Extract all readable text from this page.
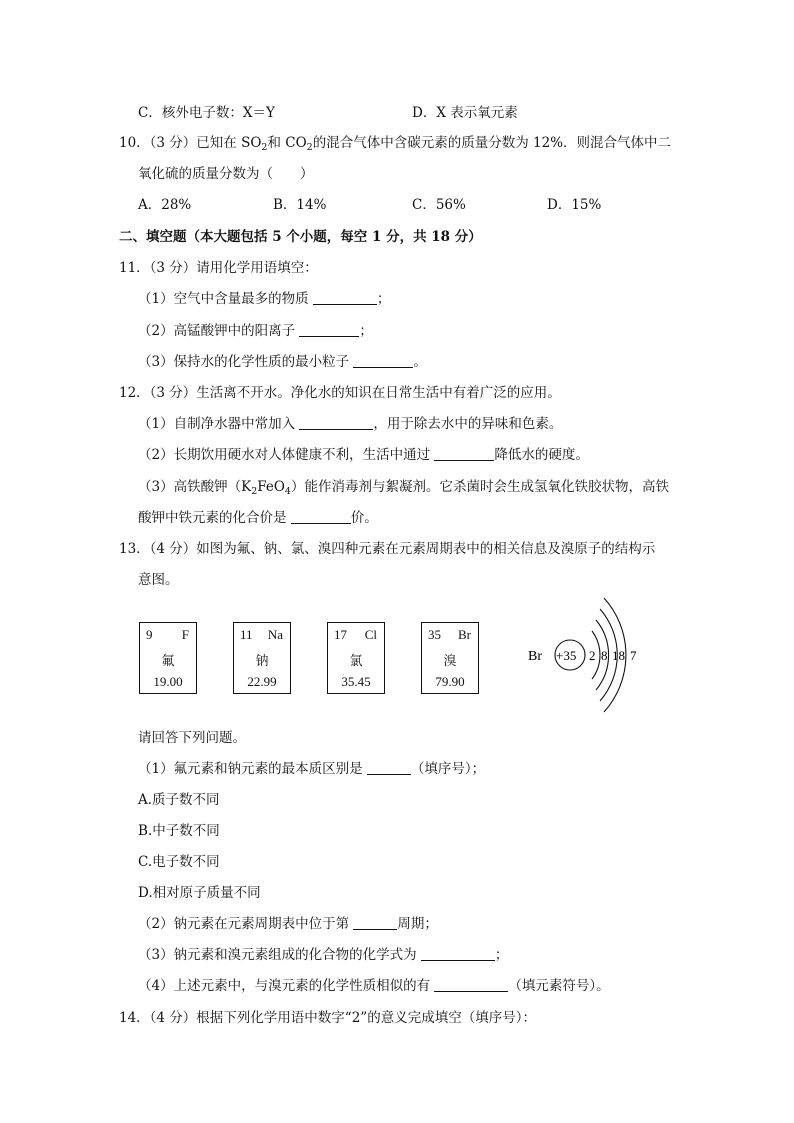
C．核外电子数：X＝Y	D．X 表示氧元素
10．（3 分）已知在 $SO_2$和 $CO_2$的混合气体中含碳元素的质量分数为 12%．则混合气体中二
氧化硫的质量分数为（　　）
A．28%	B．14%	C．56%	D．15%
二、填空题（本大题包括 5 个小题，每空 1 分，共 18 分）
11．（3 分）请用化学用语填空：
（1）空气中含量最多的物质	；
（2）高锰酸钾中的阳离子	；
（3）保持水的化学性质的最小粒子	。
12．（3 分）生活离不开水。净化水的知识在日常生活中有着广泛的应用。
（1）自制净水器中常加入	，用于除去水中的异味和色素。
（2）长期饮用硬水对人体健康不利，生活中通过	降低水的硬度。
（3）高铁酸钾$(K_2FeO_4)$能作消毒剂与絮凝剂。它杀菌时会生成氢氧化铁胶状物，高铁
酸钾中铁元素的化合价是	价。
13．（4 分）如图为氟、钠、氯、溴四种元素在元素周期表中的相关信息及溴原子的结构示
意图。
9 F
氟
19.00
11 Na
钠
22.99
17 Cl
氯
35.45
35 Br
溴
79.90
Br +35 2 8 18 7
请回答下列问题。
（1）氟元素和钠元素的最本质区别是	（填序号）；
A.质子数不同
B.中子数不同
C.电子数不同
D.相对原子质量不同
（2）钠元素在元素周期表中位于第	周期；
（3）钠元素和溴元素组成的化合物的化学式为	；
（4）上述元素中，与溴元素的化学性质相似的有	（填元素符号）。
14．（4 分）根据下列化学用语中数字“2”的意义完成填空（填序号）：
